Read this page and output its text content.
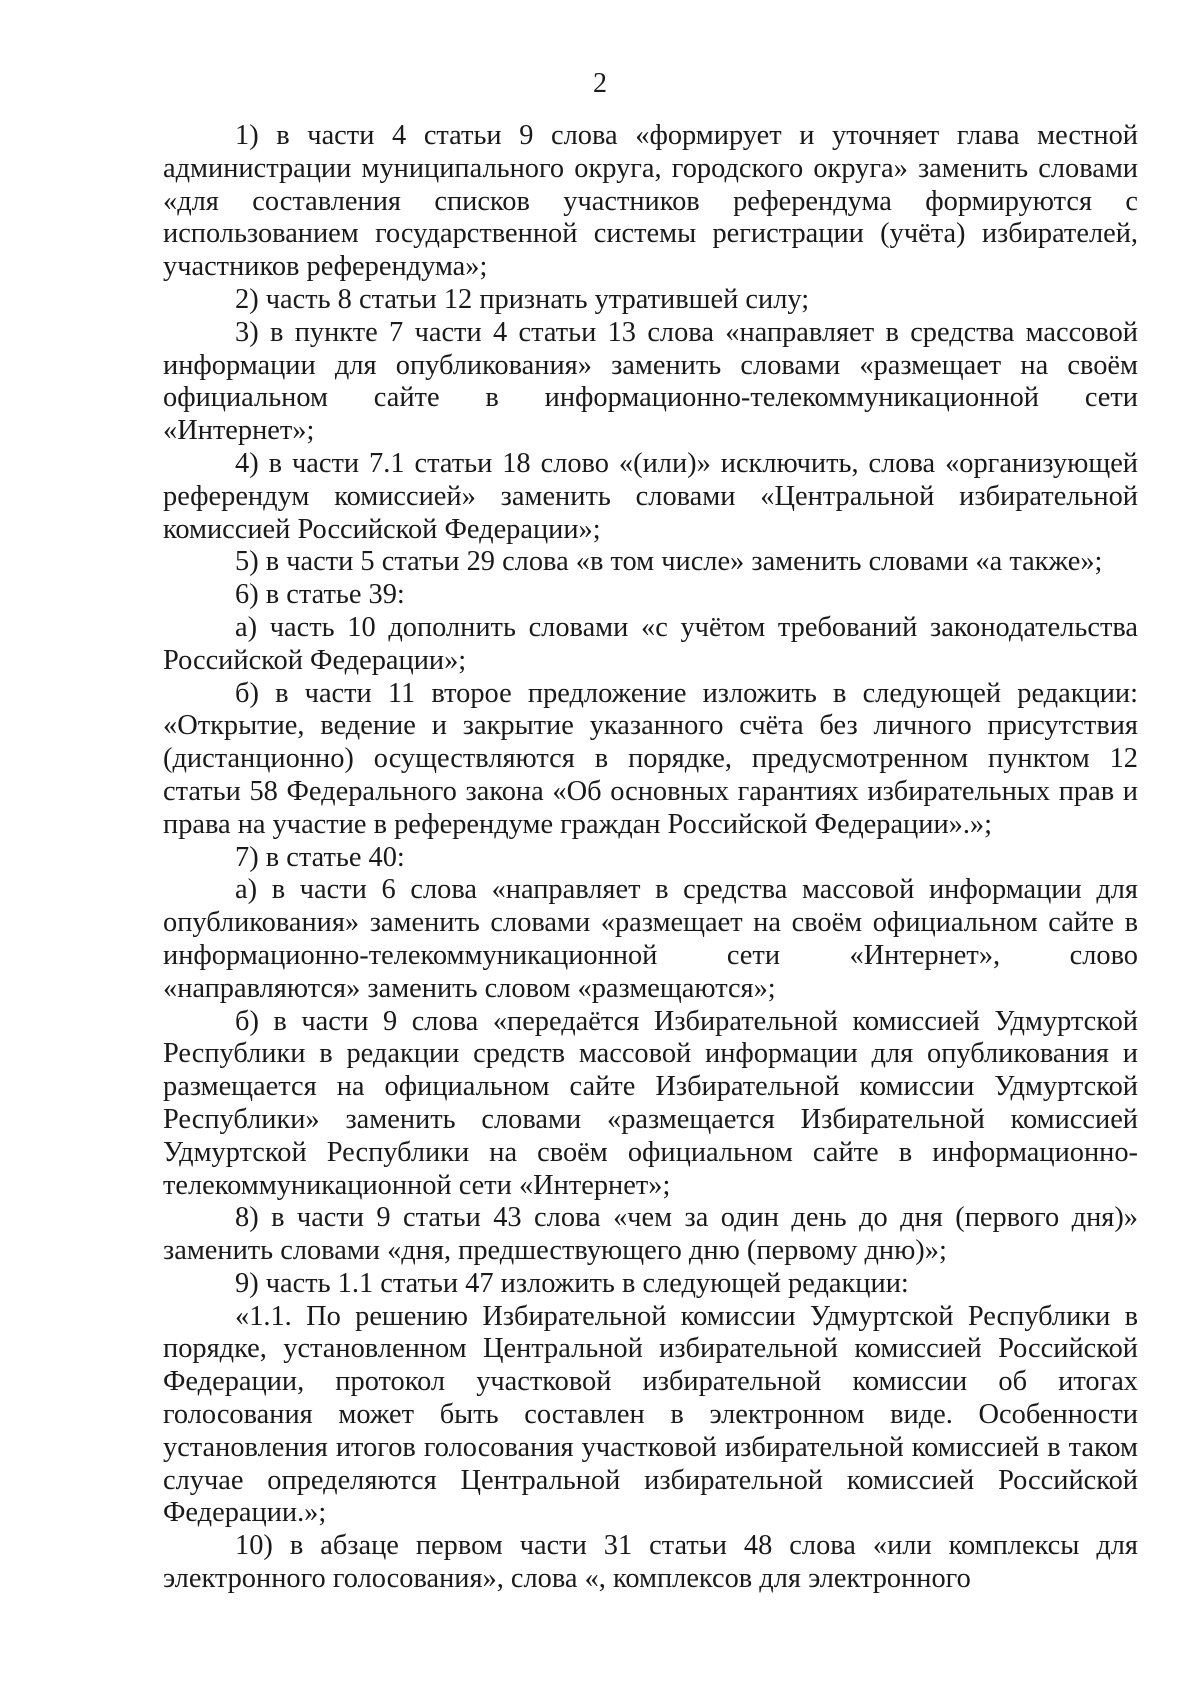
2

1) в части 4 статьи 9 слова «формирует и уточняет глава местной администрации муниципального округа, городского округа» заменить словами «для составления списков участников референдума формируются с использованием государственной системы регистрации (учёта) избирателей, участников референдума»;

2) часть 8 статьи 12 признать утратившей силу;

3) в пункте 7 части 4 статьи 13 слова «направляет в средства массовой информации для опубликования» заменить словами «размещает на своём официальном сайте в информационно-телекоммуникационной сети «Интернет»;

4) в части 7.1 статьи 18 слово «(или)» исключить, слова «организующей референдум комиссией» заменить словами «Центральной избирательной комиссией Российской Федерации»;

5) в части 5 статьи 29 слова «в том числе» заменить словами «а также»;

6) в статье 39:

а) часть 10 дополнить словами «с учётом требований законодательства Российской Федерации»;

б) в части 11 второе предложение изложить в следующей редакции: «Открытие, ведение и закрытие указанного счёта без личного присутствия (дистанционно) осуществляются в порядке, предусмотренном пунктом 12 статьи 58 Федерального закона «Об основных гарантиях избирательных прав и права на участие в референдуме граждан Российской Федерации».»;

7) в статье 40:

а) в части 6 слова «направляет в средства массовой информации для опубликования» заменить словами «размещает на своём официальном сайте в информационно-телекоммуникационной сети «Интернет», слово «направляются» заменить словом «размещаются»;

б) в части 9 слова «передаётся Избирательной комиссией Удмуртской Республики в редакции средств массовой информации для опубликования и размещается на официальном сайте Избирательной комиссии Удмуртской Республики» заменить словами «размещается Избирательной комиссией Удмуртской Республики на своём официальном сайте в информационно-телекоммуникационной сети «Интернет»;

8) в части 9 статьи 43 слова «чем за один день до дня (первого дня)» заменить словами «дня, предшествующего дню (первому дню)»;

9) часть 1.1 статьи 47 изложить в следующей редакции:

«1.1. По решению Избирательной комиссии Удмуртской Республики в порядке, установленном Центральной избирательной комиссией Российской Федерации, протокол участковой избирательной комиссии об итогах голосования может быть составлен в электронном виде. Особенности установления итогов голосования участковой избирательной комиссией в таком случае определяются Центральной избирательной комиссией Российской Федерации.»;

10) в абзаце первом части 31 статьи 48 слова «или комплексы для электронного голосования», слова «, комплексов для электронного
